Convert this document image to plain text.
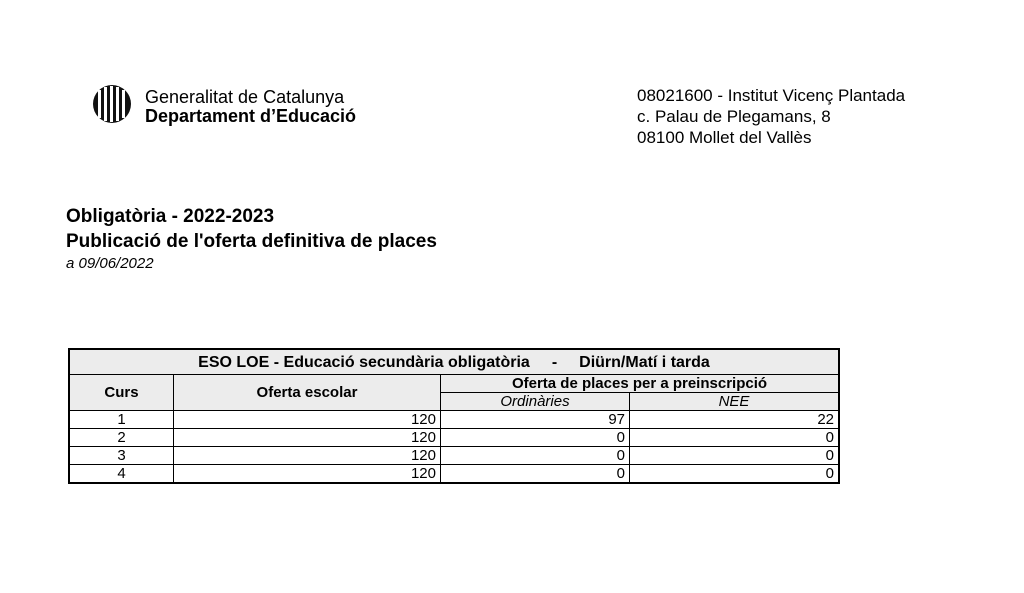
Generalitat de Catalunya
Departament d’Educació
08021600 - Institut Vicenç Plantada
c. Palau de Plegamans, 8
08100 Mollet del Vallès
Obligatòria - 2022-2023
Publicació de l'oferta definitiva de places
a 09/06/2022
ESO LOE - Educació secundària obligatòria - Diürn/Matí i tarda			
Curs	Oferta escolar	Oferta de places per a preinscripció	
		Ordinàries	NEE
1	120	97	22
2	120	0	0
3	120	0	0
4	120	0	0
